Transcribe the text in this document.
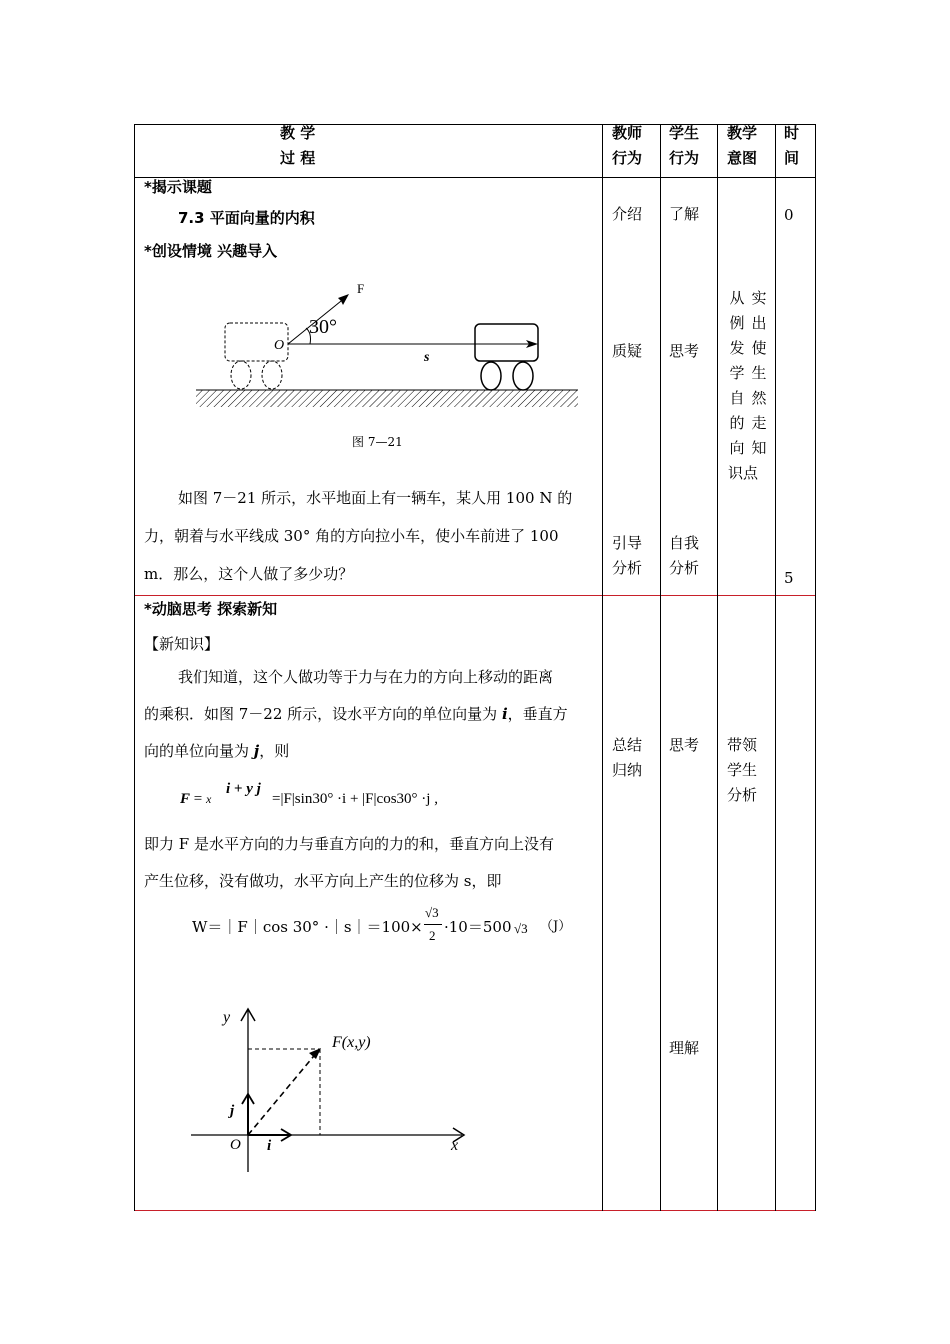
教 学
过 程
教师
行为
学生
行为
教学
意图
时
间
*揭示课题
7.3 平面向量的内积
*创设情境 兴趣导入
F
30°
O
s
图 7—21
如图 7－21 所示，水平地面上有一辆车，某人用 100 N 的
力，朝着与水平线成 30° 角的方向拉小车，使小车前进了 100
m．那么，这个人做了多少功？
介绍
质疑
引导
分析
了解
思考
自我
分析
从
例
发
学
自
的
向
识点
实
出
使
生
然
走
知
0
5
*动脑思考 探索新知
【新知识】
我们知道，这个人做功等于力与在力的方向上移动的距离
的乘积．如图 7－22 所示，设水平方向的单位向量为 i，垂直方
向的单位向量为 j，则
F = x
i + y j
=|F|sin30° ·i + |F|cos30° ·j ,
即力 F 是水平方向的力与垂直方向的力的和，垂直方向上没有
产生位移，没有做功，水平方向上产生的位移为 s，即
W＝｜F｜cos 30° ·｜s｜＝100×
√3
2 ·10＝500 √3 （J）
y
F(x,y)
j
O i	x
总结
归纳
思考
理解
带领
学生
分析
